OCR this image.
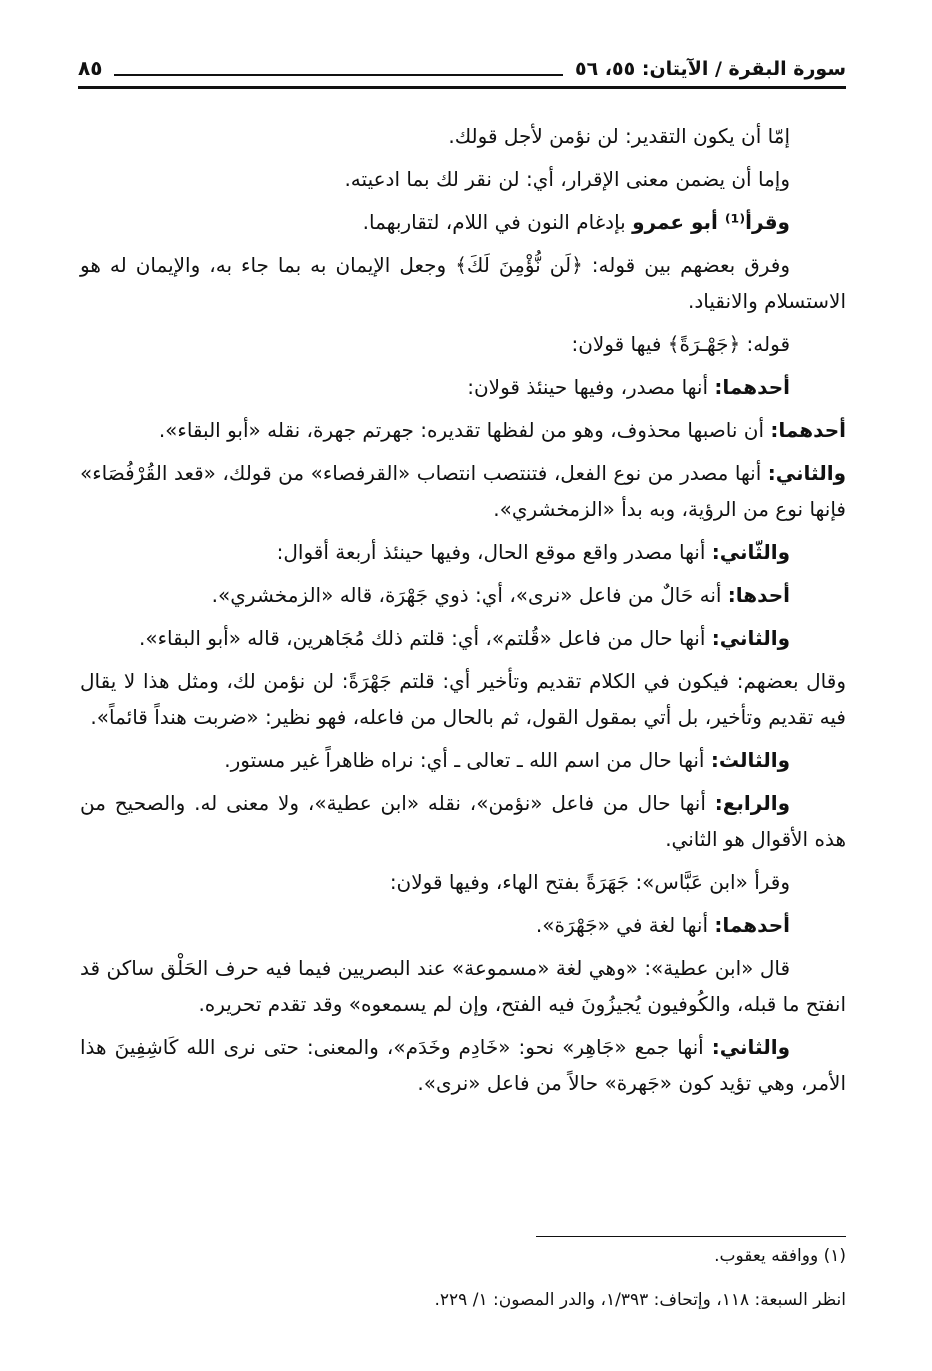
سورة البقرة / الآيتان: ٥٥، ٥٦
٨٥

إمّا أن يكون التقدير: لن نؤمن لأجل قولك.

وإما أن يضمن معنى الإقرار، أي: لن نقر لك بما ادعيته.

وقرأ⁽¹⁾ أبو عمرو بإدغام النون في اللام، لتقاربهما.

وفرق بعضهم بين قوله: ﴿لَن نُّؤْمِنَ لَكَ﴾ وجعل الإيمان به بما جاء به، والإيمان له هو الاستسلام والانقياد.

قوله: ﴿جَهْـرَةً﴾ فيها قولان:

أحدهما: أنها مصدر، وفيها حينئذ قولان:

أحدهما: أن ناصبها محذوف، وهو من لفظها تقديره: جهرتم جهرة، نقله «أبو البقاء».

والثاني: أنها مصدر من نوع الفعل، فتنتصب انتصاب «القرفصاء» من قولك، «قعد القُرْفُصَاء» فإنها نوع من الرؤية، وبه بدأ «الزمخشري».

والثّاني: أنها مصدر واقع موقع الحال، وفيها حينئذ أربعة أقوال:

أحدها: أنه حَالٌ من فاعل «نرى»، أي: ذوي جَهْرَة، قاله «الزمخشري».

والثاني: أنها حال من فاعل «قُلتم»، أي: قلتم ذلك مُجَاهرين، قاله «أبو البقاء».

وقال بعضهم: فيكون في الكلام تقديم وتأخير أي: قلتم جَهْرَةً: لن نؤمن لك، ومثل هذا لا يقال فيه تقديم وتأخير، بل أتي بمقول القول، ثم بالحال من فاعله، فهو نظير: «ضربت هنداً قائماً».

والثالث: أنها حال من اسم الله ـ تعالى ـ أي: نراه ظاهراً غير مستور.

والرابع: أنها حال من فاعل «نؤمن»، نقله «ابن عطية»، ولا معنى له. والصحيح من هذه الأقوال هو الثاني.

وقرأ «ابن عَبَّاس»: جَهَرَةً بفتح الهاء، وفيها قولان:

أحدهما: أنها لغة في «جَهْرَة».

قال «ابن عطية»: «وهي لغة «مسموعة» عند البصريين فيما فيه حرف الحَلْق ساكن قد انفتح ما قبله، والكُوفيون يُجيزُونَ فيه الفتح، وإن لم يسمعوه» وقد تقدم تحريره.

والثاني: أنها جمع «جَاهِر» نحو: «خَادِم وخَدَم»، والمعنى: حتى نرى الله كَاشِفِينَ هذا الأمر، وهي تؤيد كون «جَهرة» حالاً من فاعل «نرى».

(١) ووافقه يعقوب.

انظر السبعة: ١١٨، وإتحاف: ١/٣٩٣، والدر المصون: ١/ ٢٢٩.
